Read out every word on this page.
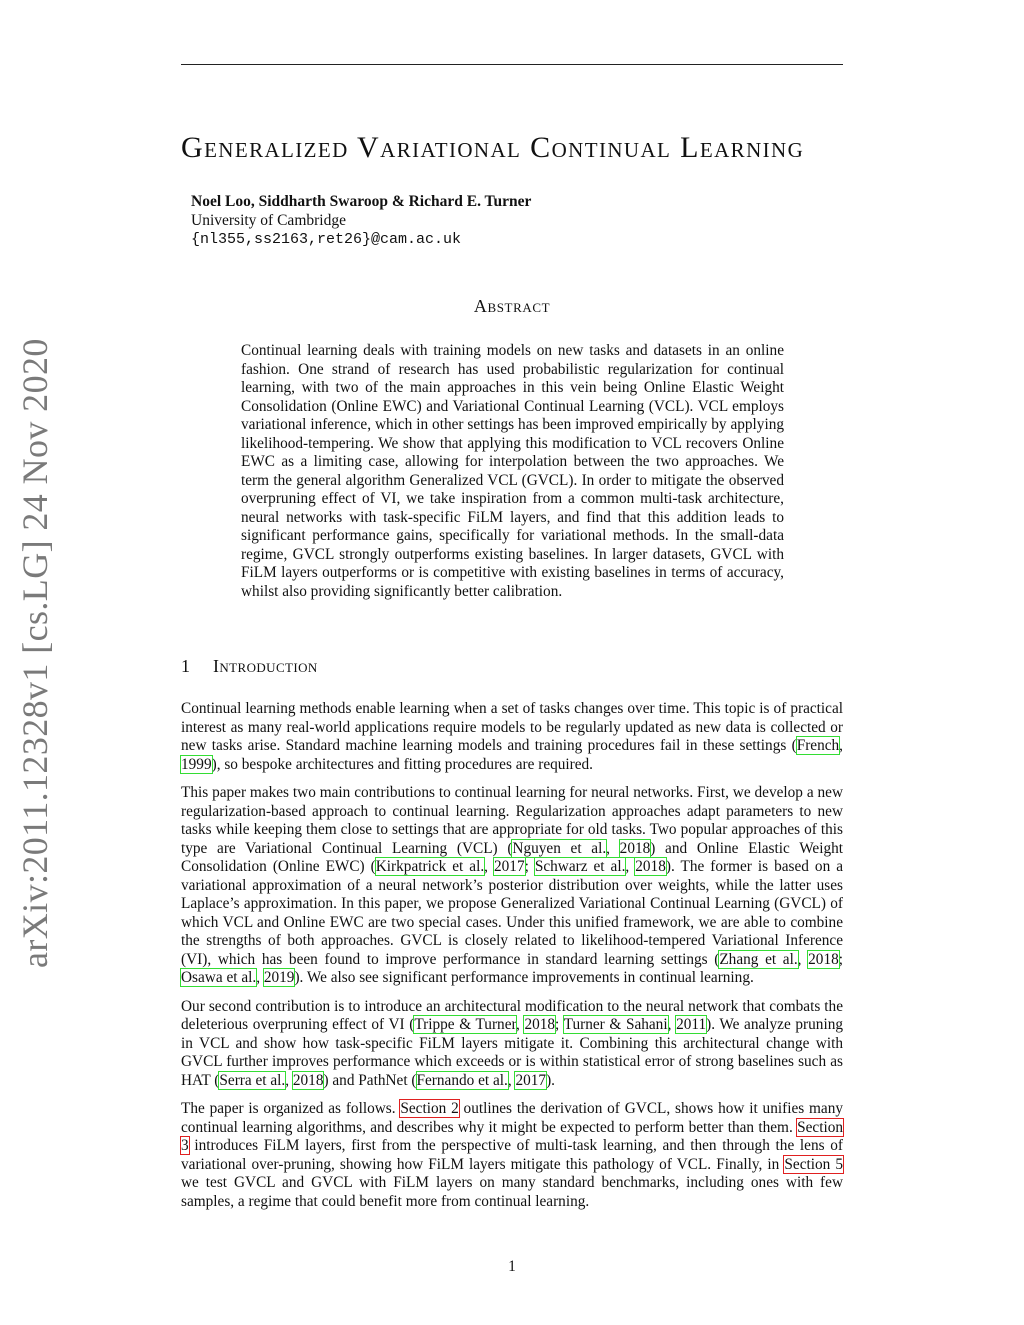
arXiv:2011.12328v1 [cs.LG] 24 Nov 2020
Generalized Variational Continual Learning
Noel Loo, Siddharth Swaroop & Richard E. Turner
University of Cambridge
{nl355,ss2163,ret26}@cam.ac.uk
Abstract
Continual learning deals with training models on new tasks and datasets in an online fashion. One strand of research has used probabilistic regularization for continual learning, with two of the main approaches in this vein being Online Elastic Weight Consolidation (Online EWC) and Variational Continual Learning (VCL). VCL employs variational inference, which in other settings has been improved empirically by applying likelihood-tempering. We show that applying this modification to VCL recovers Online EWC as a limiting case, allowing for interpolation between the two approaches. We term the general algorithm Generalized VCL (GVCL). In order to mitigate the observed overpruning effect of VI, we take inspiration from a common multi-task architecture, neural networks with task-specific FiLM layers, and find that this addition leads to significant performance gains, specifically for variational methods. In the small-data regime, GVCL strongly outperforms existing baselines. In larger datasets, GVCL with FiLM layers outperforms or is competitive with existing baselines in terms of accuracy, whilst also providing significantly better calibration.
1 Introduction

Continual learning methods enable learning when a set of tasks changes over time. This topic is of practical interest as many real-world applications require models to be regularly updated as new data is collected or new tasks arise. Standard machine learning models and training procedures fail in these settings (French, 1999), so bespoke architectures and fitting procedures are required.

This paper makes two main contributions to continual learning for neural networks. First, we develop a new regularization-based approach to continual learning. Regularization approaches adapt parameters to new tasks while keeping them close to settings that are appropriate for old tasks. Two popular approaches of this type are Variational Continual Learning (VCL) (Nguyen et al., 2018) and Online Elastic Weight Consolidation (Online EWC) (Kirkpatrick et al., 2017; Schwarz et al., 2018). The former is based on a variational approximation of a neural network’s posterior distribution over weights, while the latter uses Laplace’s approximation. In this paper, we propose Generalized Variational Continual Learning (GVCL) of which VCL and Online EWC are two special cases. Under this unified framework, we are able to combine the strengths of both approaches. GVCL is closely related to likelihood-tempered Variational Inference (VI), which has been found to improve performance in standard learning settings (Zhang et al., 2018; Osawa et al., 2019). We also see significant performance improvements in continual learning.

Our second contribution is to introduce an architectural modification to the neural network that combats the deleterious overpruning effect of VI (Trippe & Turner, 2018; Turner & Sahani, 2011). We analyze pruning in VCL and show how task-specific FiLM layers mitigate it. Combining this architectural change with GVCL further improves performance which exceeds or is within statistical error of strong baselines such as HAT (Serra et al., 2018) and PathNet (Fernando et al., 2017).

The paper is organized as follows. Section 2 outlines the derivation of GVCL, shows how it unifies many continual learning algorithms, and describes why it might be expected to perform better than them. Section 3 introduces FiLM layers, first from the perspective of multi-task learning, and then through the lens of variational over-pruning, showing how FiLM layers mitigate this pathology of VCL. Finally, in Section 5 we test GVCL and GVCL with FiLM layers on many standard benchmarks, including ones with few samples, a regime that could benefit more from continual learning.

1
